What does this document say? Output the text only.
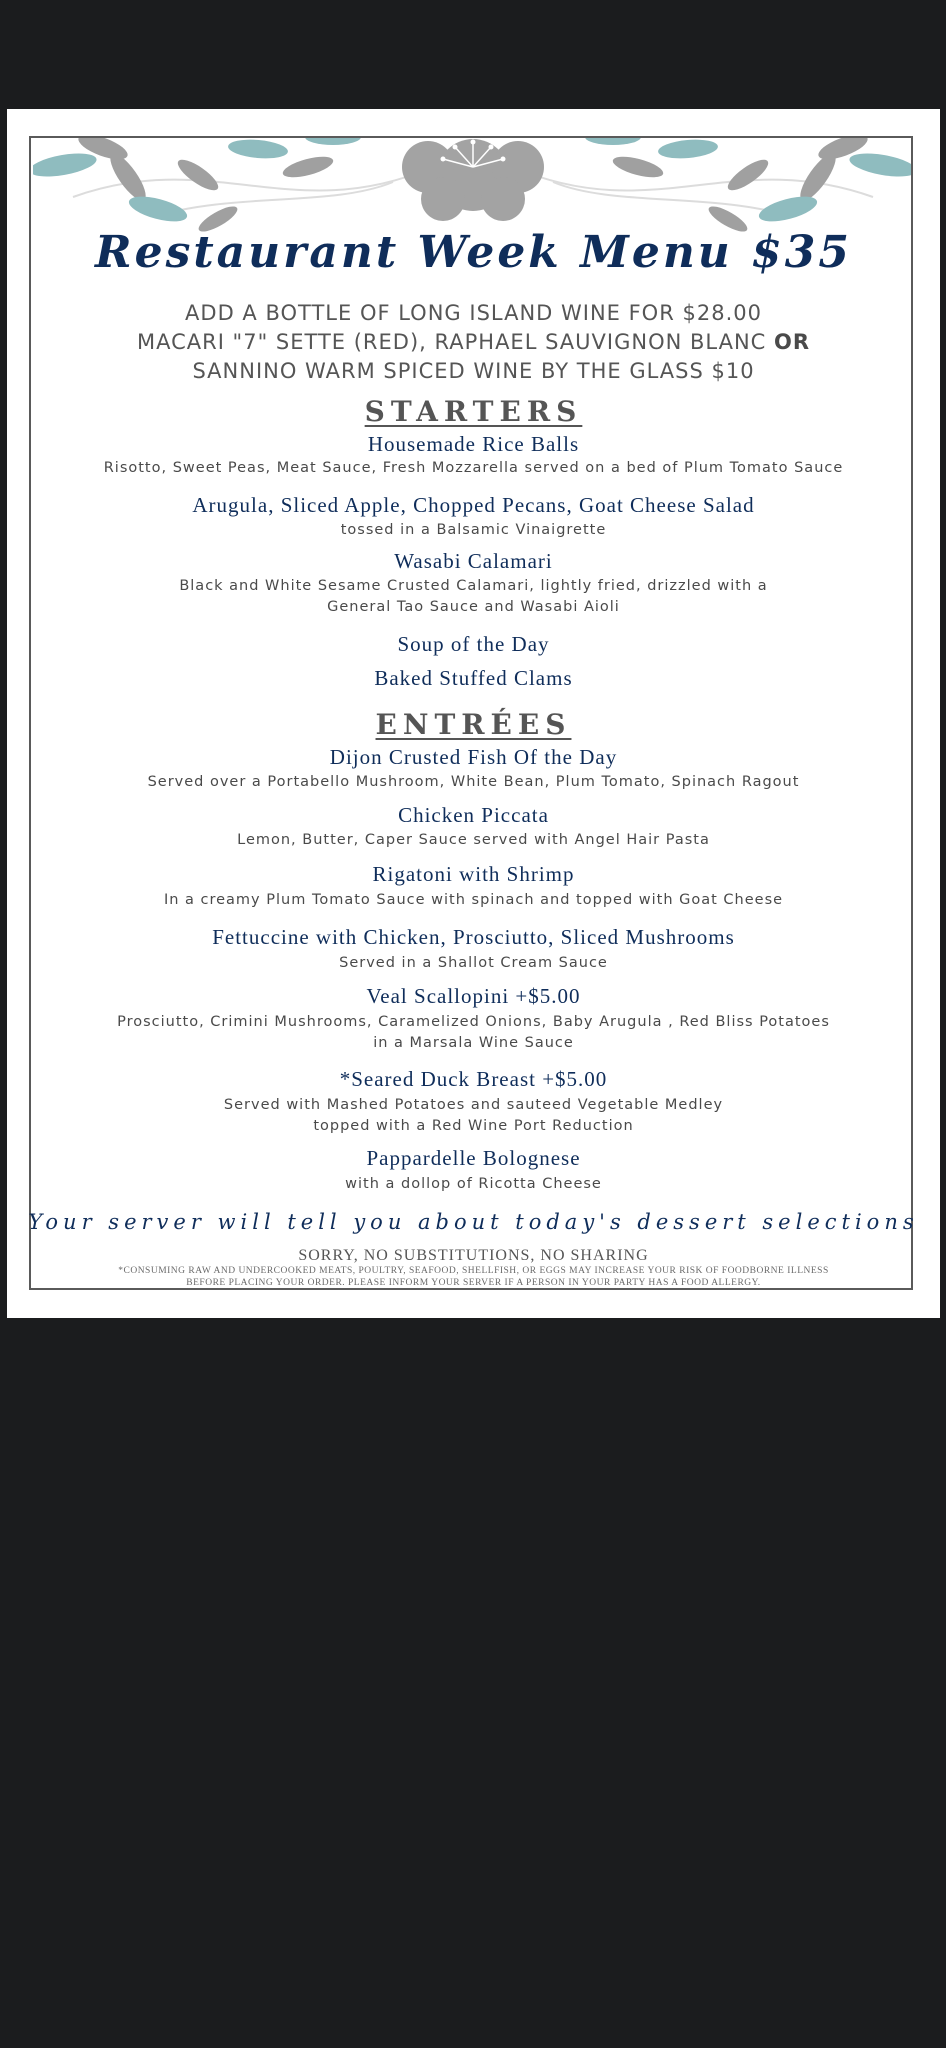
Restaurant Week Menu $35

ADD A BOTTLE OF LONG ISLAND WINE FOR $28.00

MACARI "7" SETTE (RED), RAPHAEL SAUVIGNON BLANC OR

SANNINO WARM SPICED WINE BY THE GLASS $10

STARTERS

Housemade Rice Balls

Risotto, Sweet Peas, Meat Sauce, Fresh Mozzarella served on a bed of Plum Tomato Sauce

Arugula, Sliced Apple, Chopped Pecans, Goat Cheese Salad

tossed in a Balsamic Vinaigrette

Wasabi Calamari

Black and White Sesame Crusted Calamari, lightly fried, drizzled with a

General Tao Sauce and Wasabi Aioli

Soup of the Day

Baked Stuffed Clams

ENTRÉES

Dijon Crusted Fish Of the Day

Served over a Portabello Mushroom, White Bean, Plum Tomato, Spinach Ragout

Chicken Piccata

Lemon, Butter, Caper Sauce served with Angel Hair Pasta

Rigatoni with Shrimp

In a creamy Plum Tomato Sauce with spinach and topped with Goat Cheese

Fettuccine with Chicken, Prosciutto, Sliced Mushrooms

Served in a Shallot Cream Sauce

Veal Scallopini +$5.00

Prosciutto, Crimini Mushrooms, Caramelized Onions, Baby Arugula , Red Bliss Potatoes

in a Marsala Wine Sauce

*Seared Duck Breast +$5.00

Served with Mashed Potatoes and sauteed Vegetable Medley

topped with a Red Wine Port Reduction

Pappardelle Bolognese

with a dollop of Ricotta Cheese

Your server will tell you about today's dessert selections

SORRY, NO SUBSTITUTIONS, NO SHARING

*CONSUMING RAW AND UNDERCOOKED MEATS, POULTRY, SEAFOOD, SHELLFISH, OR EGGS MAY INCREASE YOUR RISK OF FOODBORNE ILLNESS

BEFORE PLACING YOUR ORDER. PLEASE INFORM YOUR SERVER IF A PERSON IN YOUR PARTY HAS A FOOD ALLERGY.
